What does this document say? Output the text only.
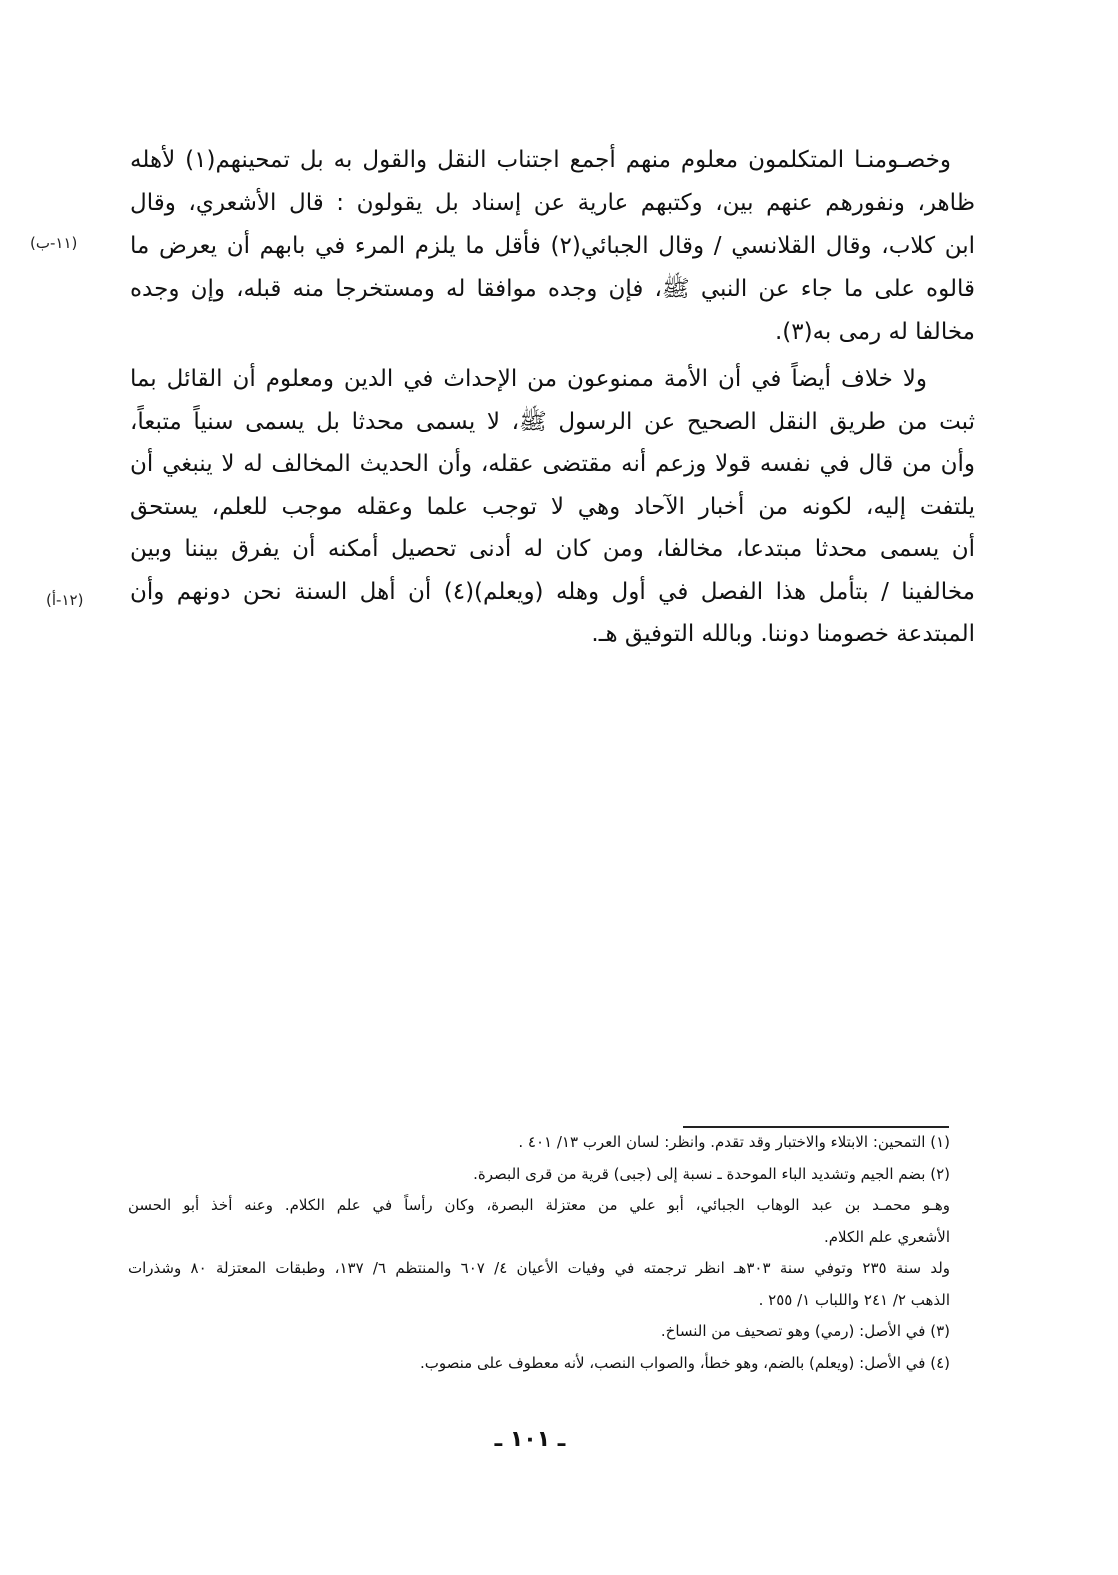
وخصـومنـا المتكلمون معلوم منهم أجمع اجتناب النقل والقول به بل تمحينهم(١) لأهله
ظاهر، ونفورهم عنهم بين، وكتبهم عارية عن إسناد بل يقولون : قال الأشعري، وقال
ابن كلاب، وقال القلانسي / وقال الجبائي(٢) فأقل ما يلزم المرء في بابهم أن يعرض ما
قالوه على ما جاء عن النبي ﷺ، فإن وجده موافقا له ومستخرجا منه قبله، وإن وجده
مخالفا له رمى به(٣).
ولا خلاف أيضاً في أن الأمة ممنوعون من الإحداث في الدين ومعلوم أن القائل بما
ثبت من طريق النقل الصحيح عن الرسول ﷺ، لا يسمى محدثا بل يسمى سنياً متبعاً،
وأن من قال في نفسه قولا وزعم أنه مقتضى عقله، وأن الحديث المخالف له لا ينبغي أن
يلتفت إليه، لكونه من أخبار الآحاد وهي لا توجب علما وعقله موجب للعلم، يستحق
أن يسمى محدثا مبتدعا، مخالفا، ومن كان له أدنى تحصيل أمكنه أن يفرق بيننا وبين
مخالفينا / بتأمل هذا الفصل في أول وهله (ويعلم)(٤) أن أهل السنة نحن دونهم وأن
المبتدعة خصومنا دوننا. وبالله التوفيق هـ.
(١١-ب)
(١٢-أ)
(١) التمحين: الابتلاء والاختبار وقد تقدم. وانظر: لسان العرب ١٣/ ٤٠١ .
(٢) بضم الجيم وتشديد الباء الموحدة ـ نسبة إلى (جبى) قرية من قرى البصرة.
وهـو محمـد بن عبد الوهاب الجبائي، أبو علي من معتزلة البصرة، وكان رأساً في علم الكلام. وعنه أخذ أبو الحسن
الأشعري علم الكلام.
ولد سنة ٢٣٥ وتوفي سنة ٣٠٣هـ انظر ترجمته في وفيات الأعيان ٤/ ٦٠٧ والمنتظم ٦/ ١٣٧، وطبقات المعتزلة ٨٠ وشذرات
الذهب ٢/ ٢٤١ واللباب ١/ ٢٥٥ .
(٣) في الأصل: (رمي) وهو تصحيف من النساخ.
(٤) في الأصل: (ويعلم) بالضم، وهو خطأ، والصواب النصب، لأنه معطوف على منصوب.
ـ ١٠١ ـ
